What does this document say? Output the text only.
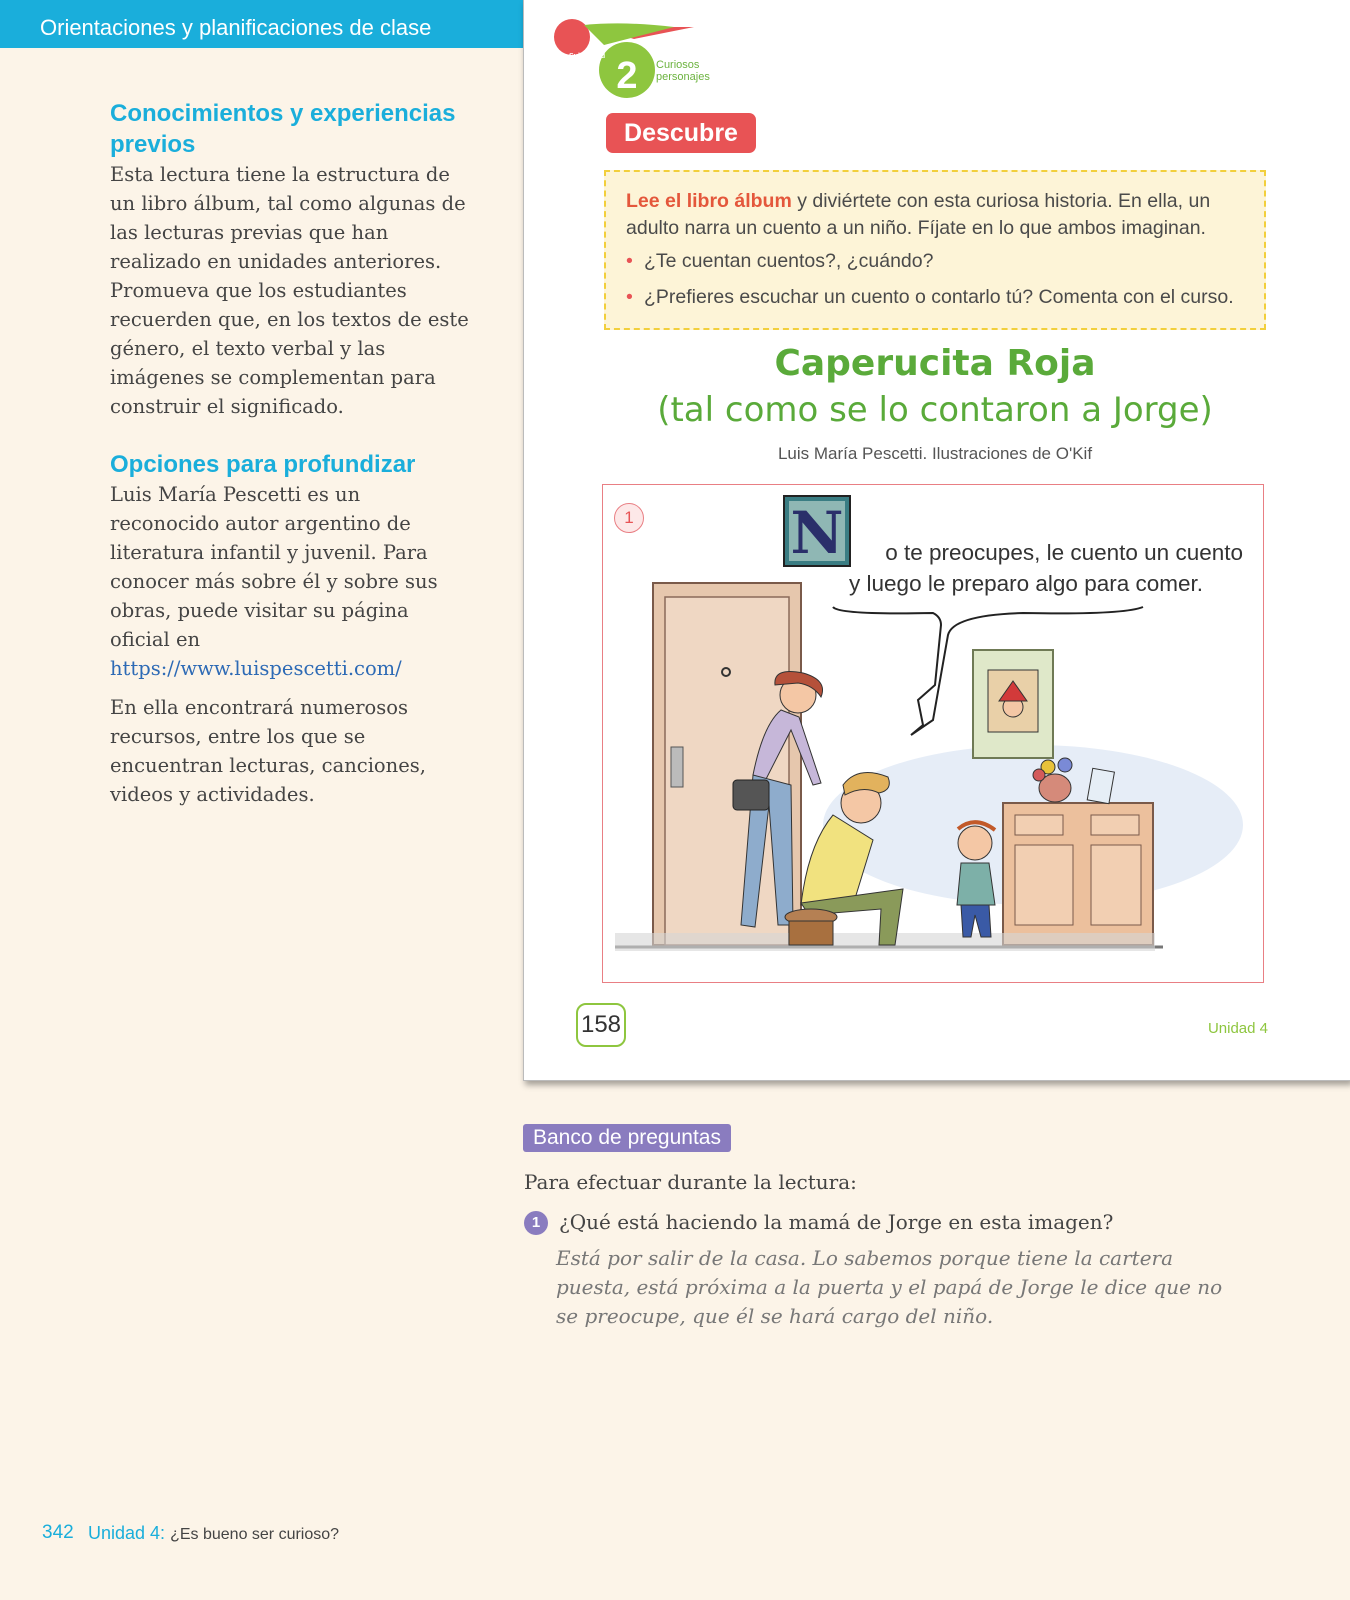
Orientaciones y planificaciones de clase
Conocimientos y experiencias previos

Esta lectura tiene la estructura de un libro álbum, tal como algunas de las lecturas previas que han realizado en unidades anteriores. Promueva que los estudiantes recuerden que, en los textos de este género, el texto verbal y las imágenes se complementan para construir el significado.

Opciones para profundizar

Luis María Pescetti es un reconocido autor argentino de literatura infantil y juvenil. Para conocer más sobre él y sobre sus obras, puede visitar su página oficial en https://www.luispescetti.com/

En ella encontrará numerosos recursos, entre los que se encuentran lecturas, canciones, videos y actividades.

Subunidad 2	Curiosos personajes
Descubre

Lee el libro álbum y diviértete con esta curiosa historia. En ella, un adulto narra un cuento a un niño. Fíjate en lo que ambos imaginan.

• ¿Te cuentan cuentos?, ¿cuándo?
• ¿Prefieres escuchar un cuento o contarlo tú? Comenta con el curso.
Caperucita Roja
(tal como se lo contaron a Jorge)
Luis María Pescetti. Ilustraciones de O'Kif
1	N	o te preocupes, le cuento un cuento
y luego le preparo algo para comer.
158	Unidad 4
Banco de preguntas
Para efectuar durante la lectura:
1 ¿Qué está haciendo la mamá de Jorge en esta imagen?
Está por salir de la casa. Lo sabemos porque tiene la cartera puesta, está próxima a la puerta y el papá de Jorge le dice que no se preocupe, que él se hará cargo del niño.
342 Unidad 4: ¿Es bueno ser curioso?
